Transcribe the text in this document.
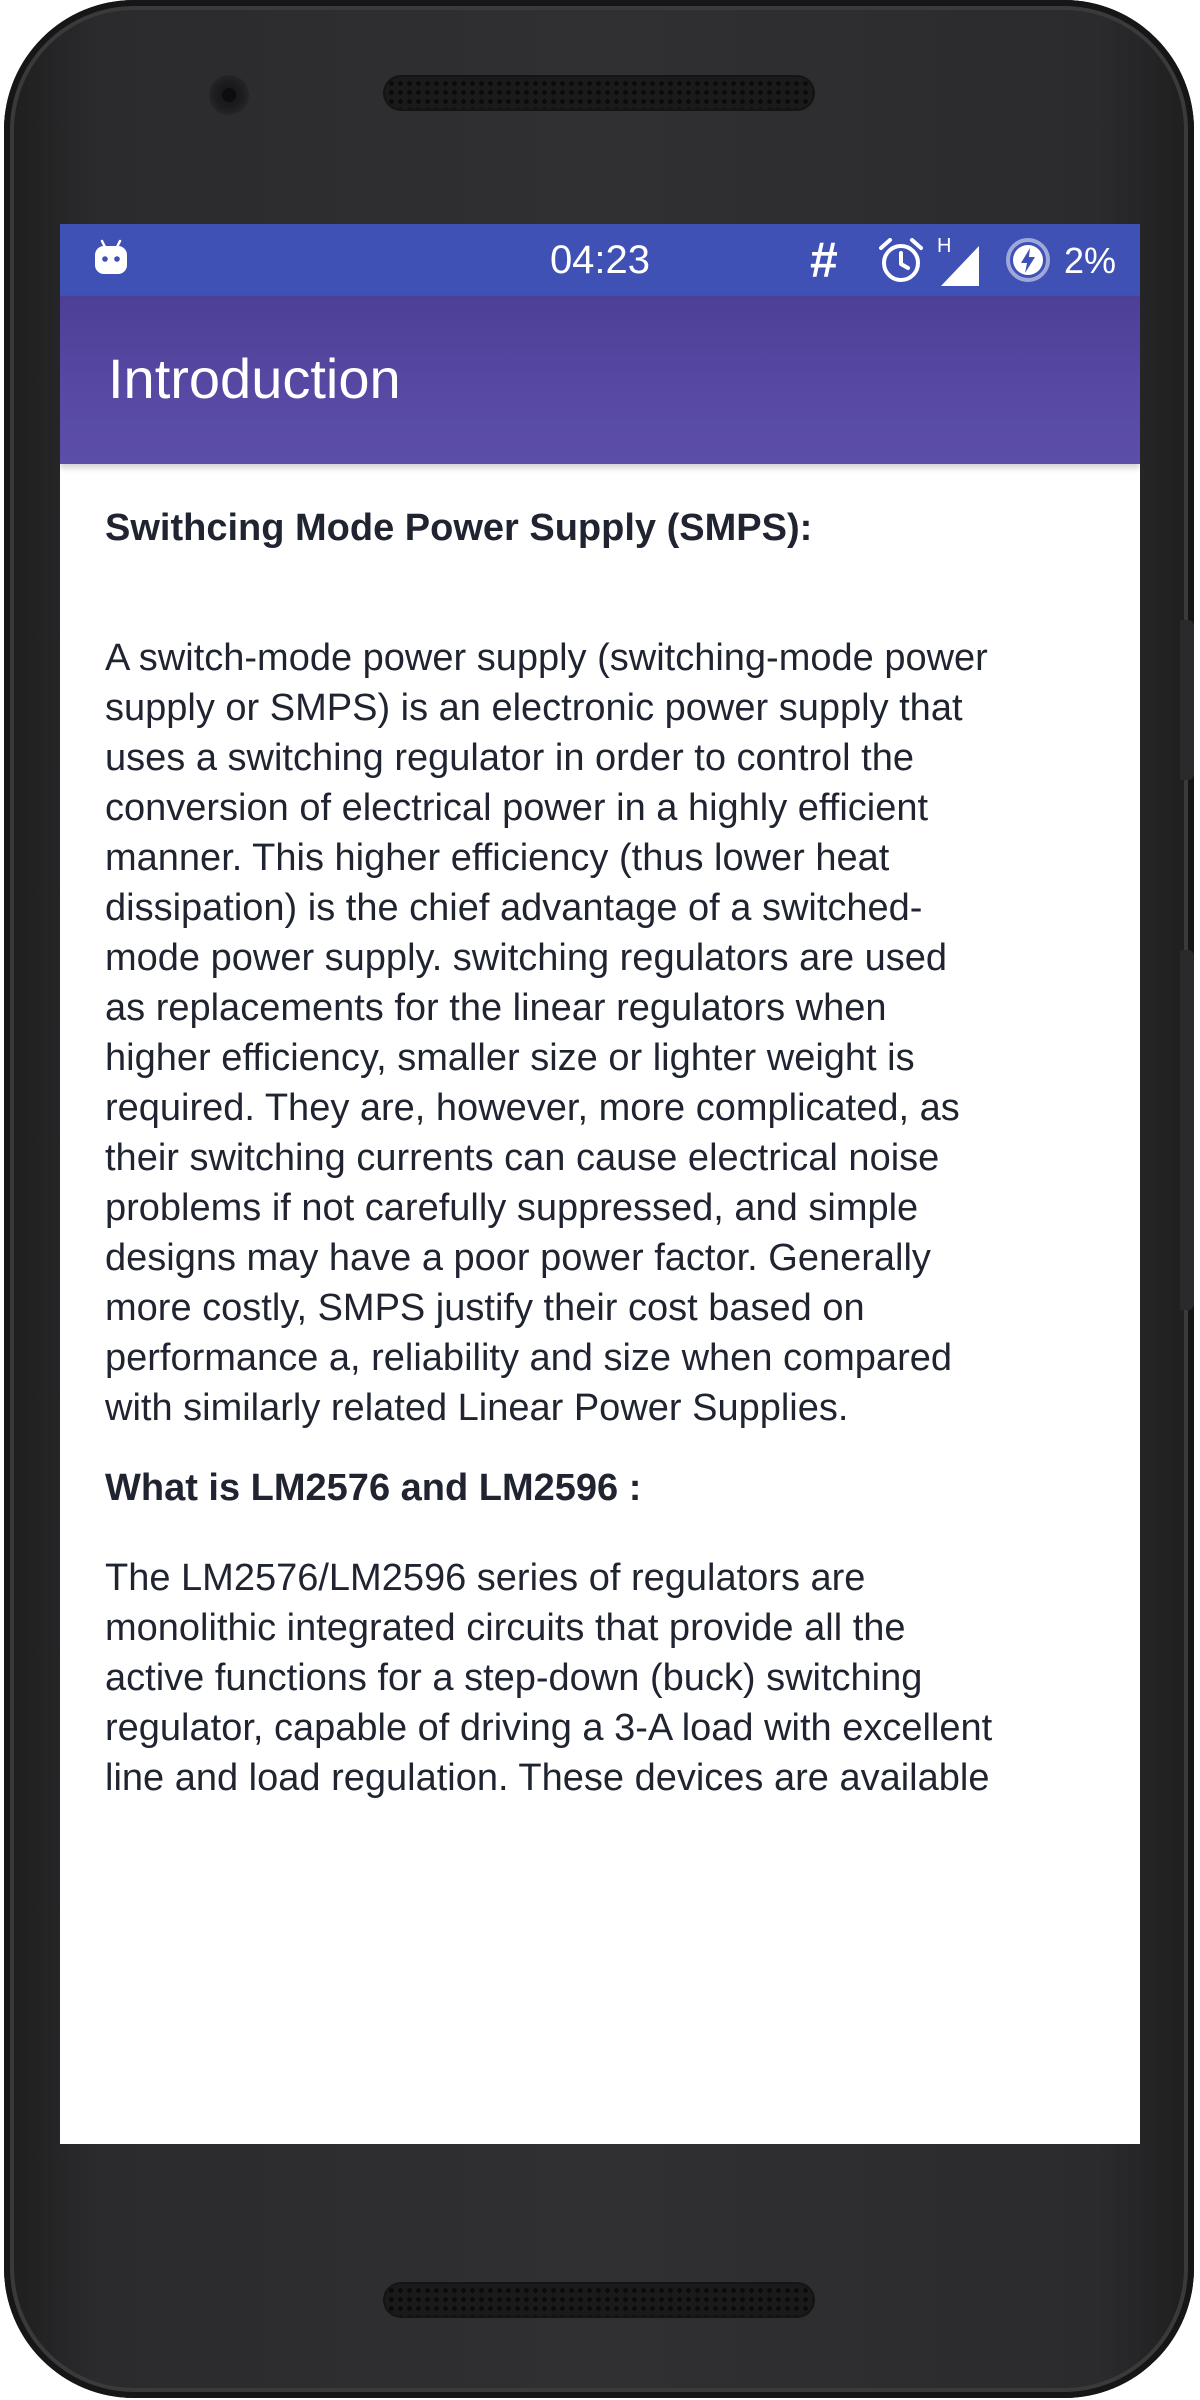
04:23	#	H	2%
Introduction
Swithcing Mode Power Supply (SMPS):

A switch-mode power supply (switching-mode power
supply or SMPS) is an electronic power supply that
uses a switching regulator in order to control the
conversion of electrical power in a highly efficient
manner. This higher efficiency (thus lower heat
dissipation) is the chief advantage of a switched-
mode power supply. switching regulators are used
as replacements for the linear regulators when
higher efficiency, smaller size or lighter weight is
required. They are, however, more complicated, as
their switching currents can cause electrical noise
problems if not carefully suppressed, and simple
designs may have a poor power factor. Generally
more costly, SMPS justify their cost based on
performance a, reliability and size when compared
with similarly related Linear Power Supplies.

What is LM2576 and LM2596 :

The LM2576/LM2596 series of regulators are
monolithic integrated circuits that provide all the
active functions for a step-down (buck) switching
regulator, capable of driving a 3-A load with excellent
line and load regulation. These devices are available
